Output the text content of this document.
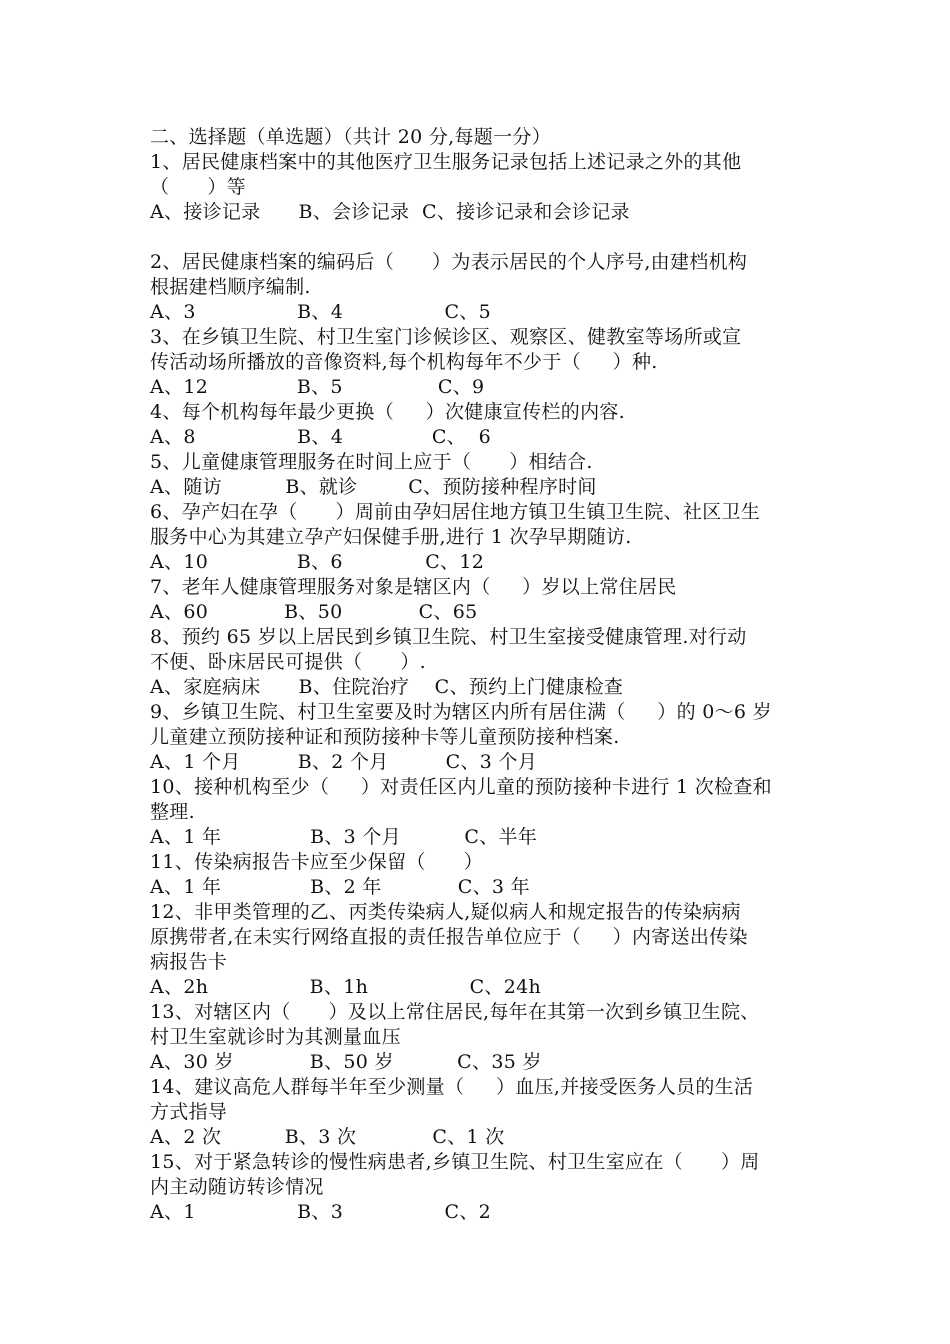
二、选择题（单选题）（共计 20 分,每题一分）
1、居民健康档案中的其他医疗卫生服务记录包括上述记录之外的其他
（      ）等
A、接诊记录      B、会诊记录  C、接诊记录和会诊记录
2、居民健康档案的编码后（      ）为表示居民的个人序号,由建档机构
根据建档顺序编制.
A、3                B、4                C、5
3、在乡镇卫生院、村卫生室门诊候诊区、观察区、健教室等场所或宣
传活动场所播放的音像资料,每个机构每年不少于（     ）种.
A、12              B、5               C、9
4、每个机构每年最少更换（     ）次健康宣传栏的内容.
A、8                B、4              C、  6
5、儿童健康管理服务在时间上应于（      ）相结合.
A、随访          B、就诊        C、预防接种程序时间
6、孕产妇在孕（      ）周前由孕妇居住地方镇卫生镇卫生院、社区卫生
服务中心为其建立孕产妇保健手册,进行 1 次孕早期随访.
A、10              B、6             C、12
7、老年人健康管理服务对象是辖区内（     ）岁以上常住居民
A、60            B、50            C、65
8、预约 65 岁以上居民到乡镇卫生院、村卫生室接受健康管理.对行动
不便、卧床居民可提供（      ）.
A、家庭病床      B、住院治疗    C、预约上门健康检查
9、乡镇卫生院、村卫生室要及时为辖区内所有居住满（     ）的 0～6 岁
儿童建立预防接种证和预防接种卡等儿童预防接种档案.
A、1 个月         B、2 个月         C、3 个月
10、接种机构至少（     ）对责任区内儿童的预防接种卡进行 1 次检查和
整理.
A、1 年              B、3 个月          C、半年
11、传染病报告卡应至少保留（      ）
A、1 年              B、2 年            C、3 年
12、非甲类管理的乙、丙类传染病人,疑似病人和规定报告的传染病病
原携带者,在未实行网络直报的责任报告单位应于（     ）内寄送出传染
病报告卡
A、2h                B、1h                C、24h
13、对辖区内（      ）及以上常住居民,每年在其第一次到乡镇卫生院、
村卫生室就诊时为其测量血压
A、30 岁            B、50 岁          C、35 岁
14、建议高危人群每半年至少测量（     ）血压,并接受医务人员的生活
方式指导
A、2 次          B、3 次            C、1 次
15、对于紧急转诊的慢性病患者,乡镇卫生院、村卫生室应在（      ）周
内主动随访转诊情况
A、1                B、3                C、2
